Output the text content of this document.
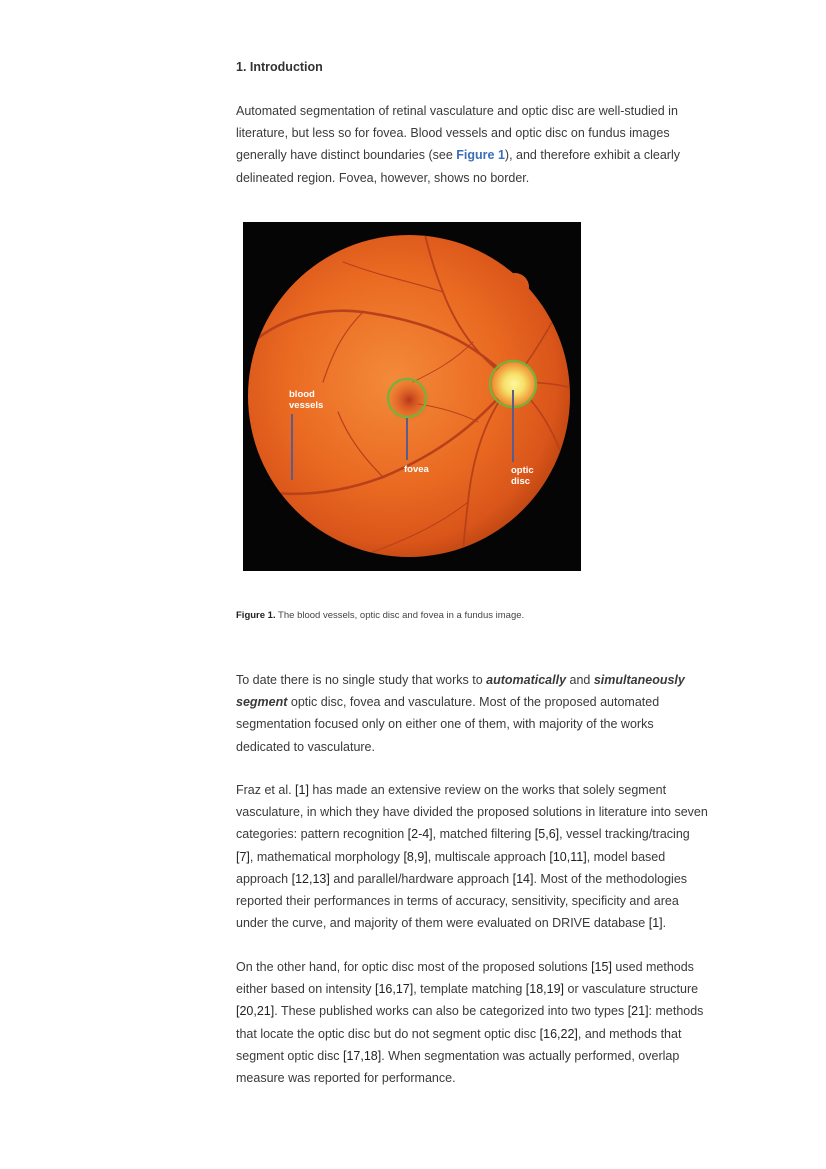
1. Introduction

Automated segmentation of retinal vasculature and optic disc are well-studied in
literature, but less so for fovea. Blood vessels and optic disc on fundus images
generally have distinct boundaries (see Figure 1), and therefore exhibit a clearly
delineated region. Fovea, however, shows no border.

blood
vessels
fovea	optic
disc

Figure 1. The blood vessels, optic disc and fovea in a fundus image.

To date there is no single study that works to automatically and simultaneously
segment optic disc, fovea and vasculature. Most of the proposed automated
segmentation focused only on either one of them, with majority of the works
dedicated to vasculature.

Fraz et al. [1] has made an extensive review on the works that solely segment
vasculature, in which they have divided the proposed solutions in literature into seven
categories: pattern recognition [2-4], matched filtering [5,6], vessel tracking/tracing
[7], mathematical morphology [8,9], multiscale approach [10,11], model based
approach [12,13] and parallel/hardware approach [14]. Most of the methodologies
reported their performances in terms of accuracy, sensitivity, specificity and area
under the curve, and majority of them were evaluated on DRIVE database [1].

On the other hand, for optic disc most of the proposed solutions [15] used methods
either based on intensity [16,17], template matching [18,19] or vasculature structure
[20,21]. These published works can also be categorized into two types [21]: methods
that locate the optic disc but do not segment optic disc [16,22], and methods that
segment optic disc [17,18]. When segmentation was actually performed, overlap
measure was reported for performance.
